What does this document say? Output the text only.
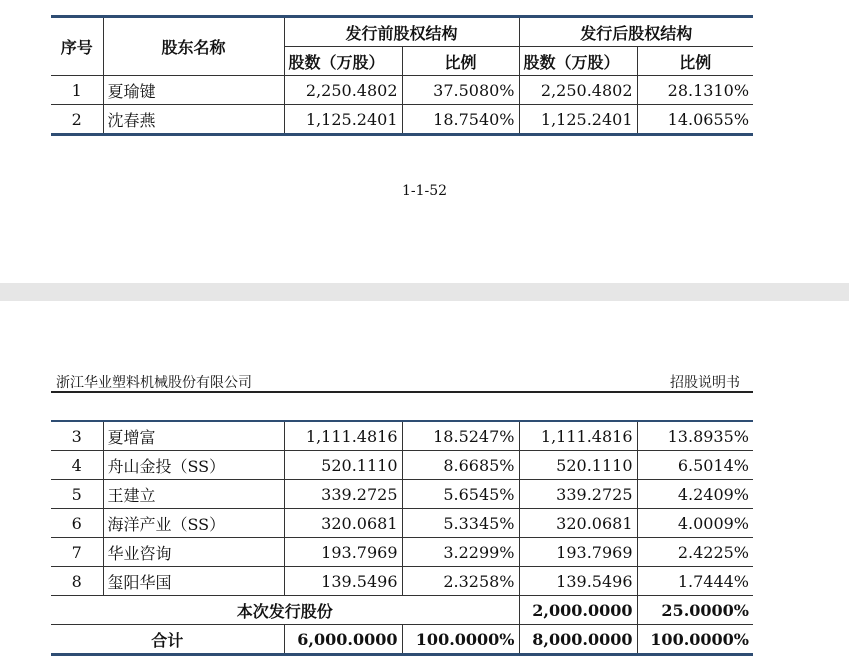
序号	股东名称	发行前股权结构		发行后股权结构	
		股数（万股）	比例	股数（万股）	比例
1	夏瑜键	2,250.4802	37.5080%	2,250.4802	28.1310%
2	沈春燕	1,125.2401	18.7540%	1,125.2401	14.0655%
1-1-52
浙江华业塑料机械股份有限公司	招股说明书
3	夏增富	1,111.4816	18.5247%	1,111.4816	13.8935%
4	舟山金投（SS）	520.1110	8.6685%	520.1110	6.5014%
5	王建立	339.2725	5.6545%	339.2725	4.2409%
6	海洋产业（SS）	320.0681	5.3345%	320.0681	4.0009%
7	华业咨询	193.7969	3.2299%	193.7969	2.4225%
8	玺阳华国	139.5496	2.3258%	139.5496	1.7444%
本次发行股份				2,000.0000	25.0000%
合计		6,000.0000	100.0000%	8,000.0000	100.0000%
